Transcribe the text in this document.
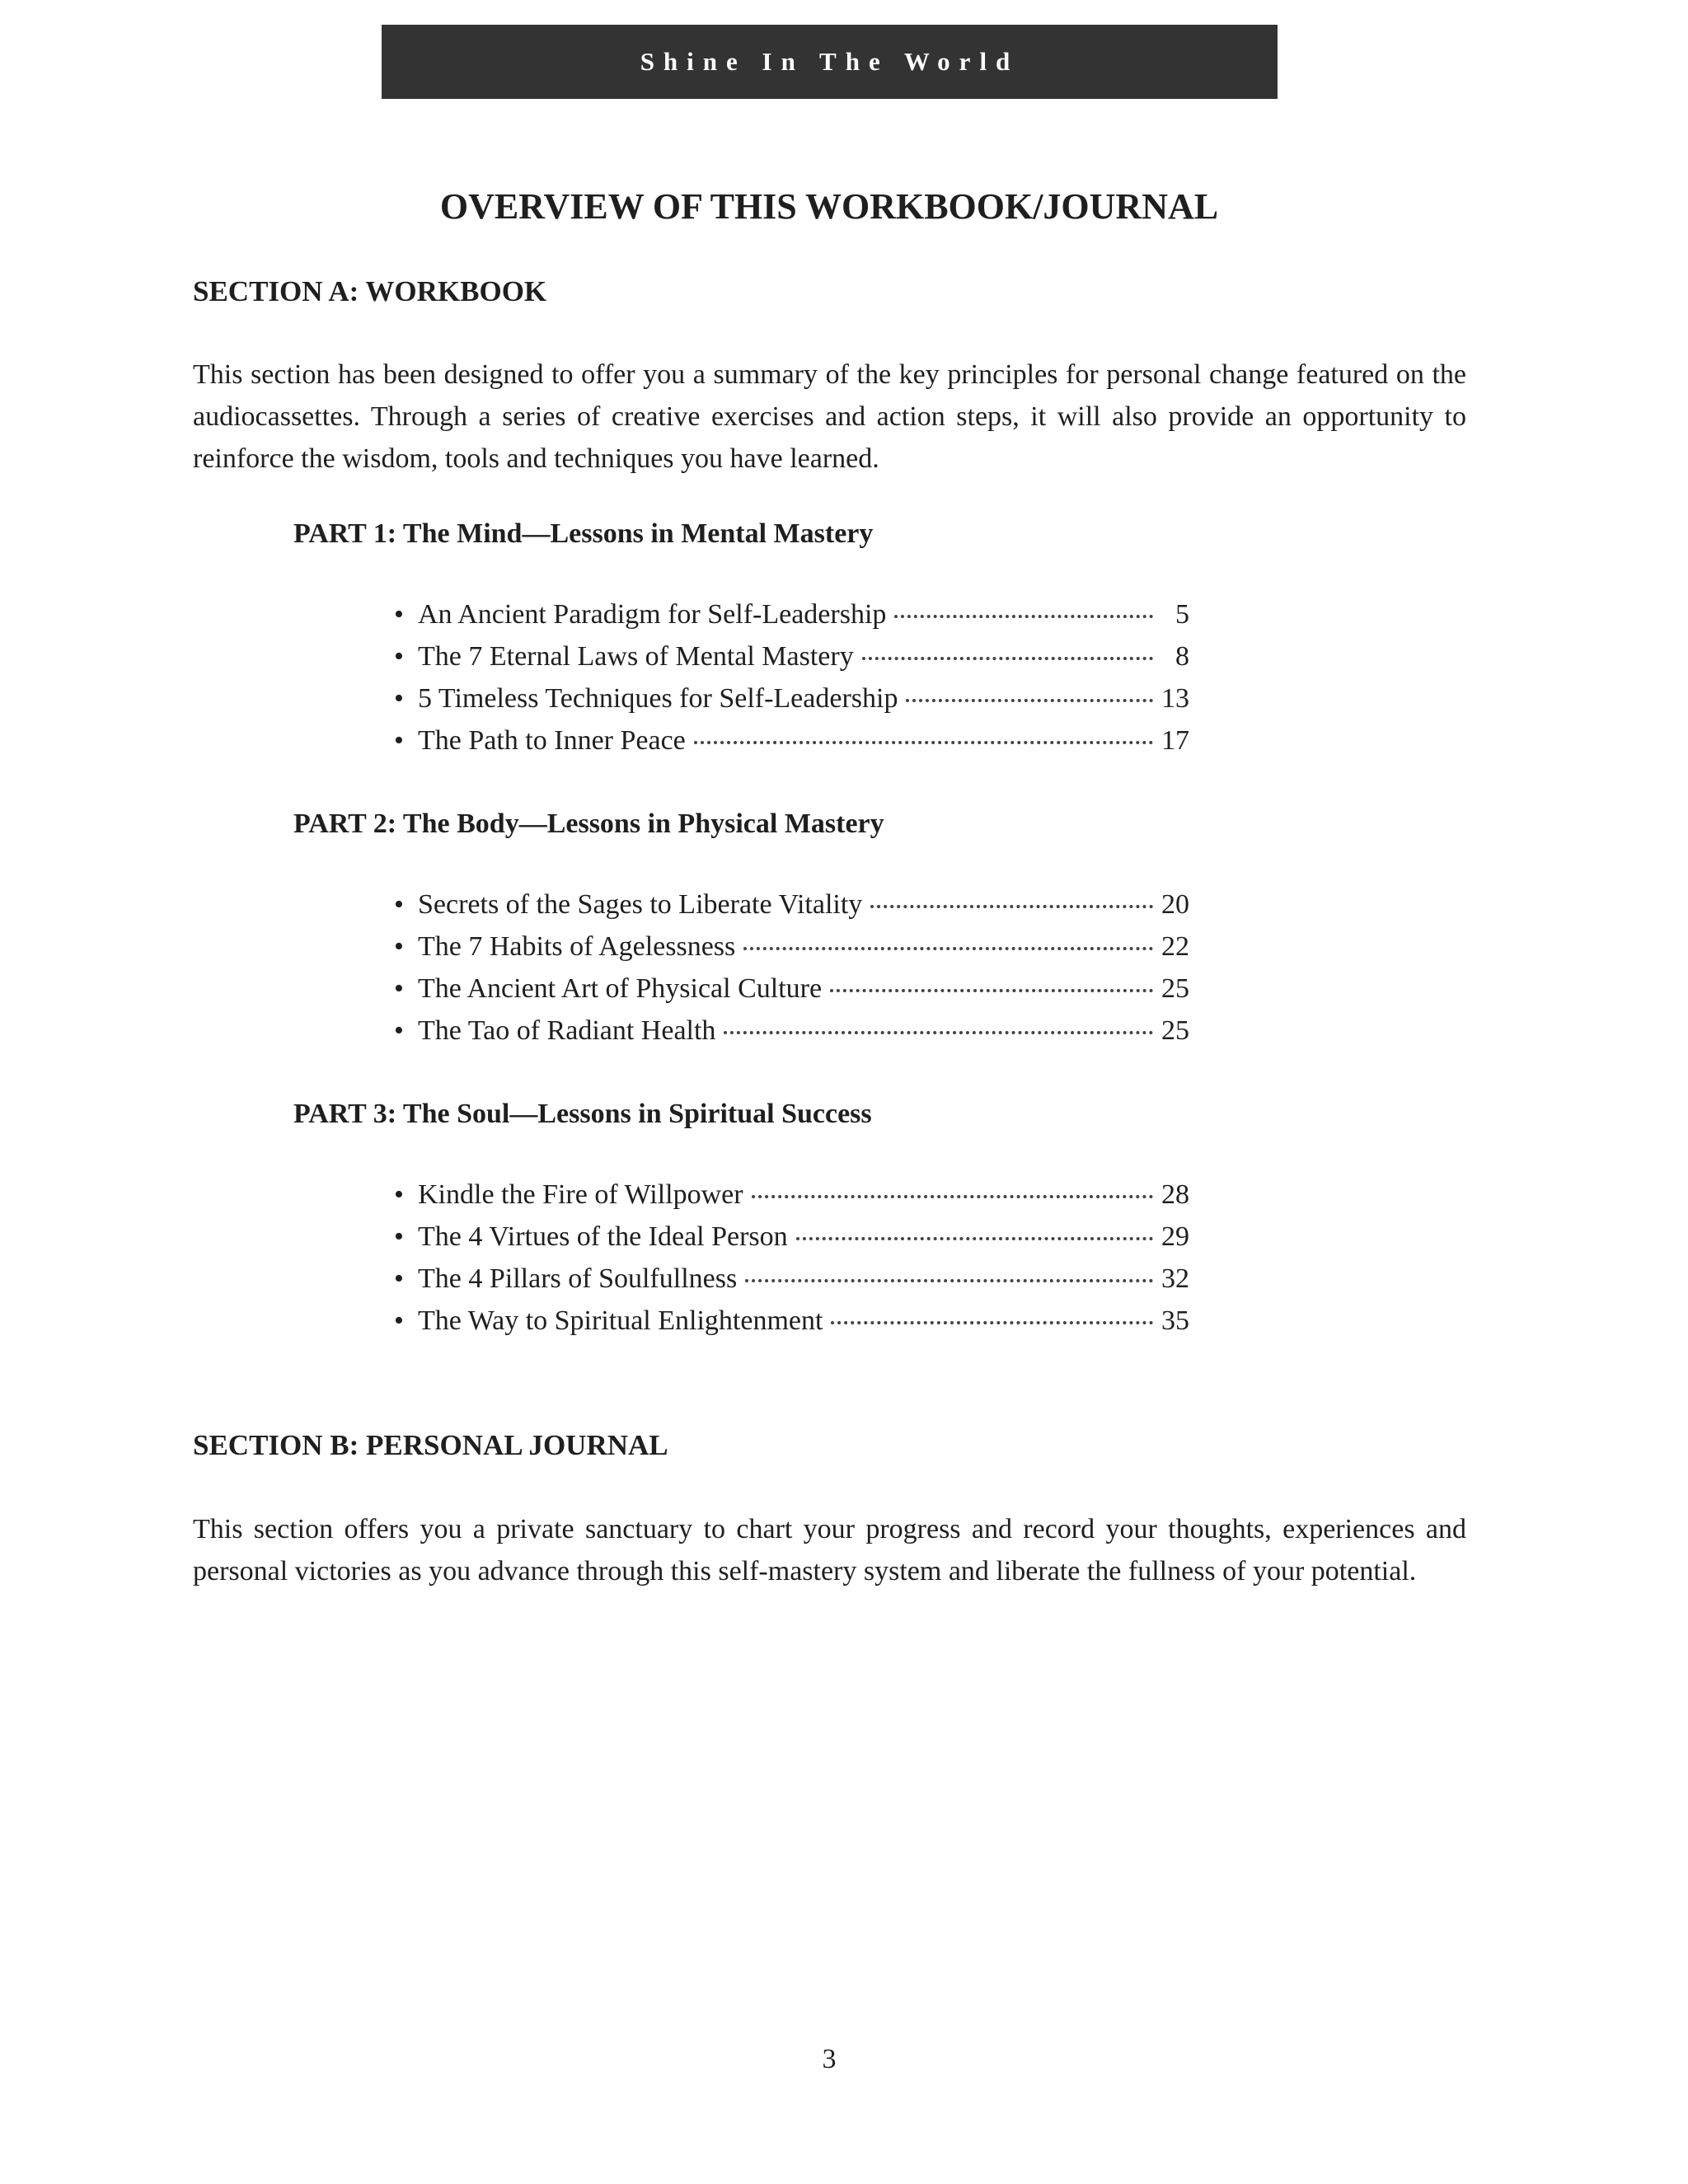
Shine In The World
OVERVIEW OF THIS WORKBOOK/JOURNAL
SECTION A: WORKBOOK

This section has been designed to offer you a summary of the key principles for personal change featured on the audiocassettes. Through a series of creative exercises and action steps, it will also provide an opportunity to reinforce the wisdom, tools and techniques you have learned.

PART 1: The Mind—Lessons in Mental Mastery
• An Ancient Paradigm for Self-Leadership	5
• The 7 Eternal Laws of Mental Mastery	8
• 5 Timeless Techniques for Self-Leadership	13
• The Path to Inner Peace	17
PART 2: The Body—Lessons in Physical Mastery
• Secrets of the Sages to Liberate Vitality	20
• The 7 Habits of Agelessness	22
• The Ancient Art of Physical Culture	25
• The Tao of Radiant Health	25
PART 3: The Soul—Lessons in Spiritual Success
• Kindle the Fire of Willpower	28
• The 4 Virtues of the Ideal Person	29
• The 4 Pillars of Soulfullness	32
• The Way to Spiritual Enlightenment	35
SECTION B: PERSONAL JOURNAL

This section offers you a private sanctuary to chart your progress and record your thoughts, experiences and personal victories as you advance through this self-mastery system and liberate the fullness of your potential.

3
